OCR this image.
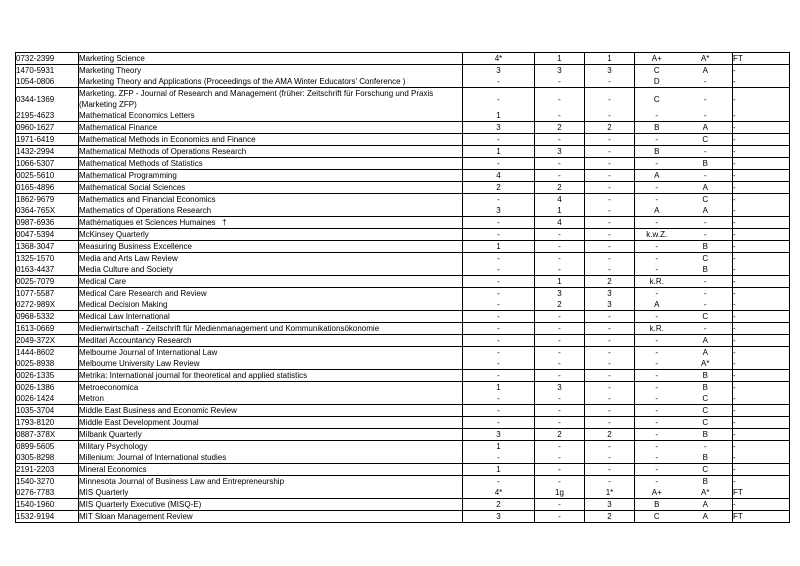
0732-2399	Marketing Science	4*	1	1	A+	A*	FT
1470-5931	Marketing Theory	3	3	3	C	A	-
1054-0806	Marketing Theory and Applications (Proceedings of the AMA Winter Educators' Conference )	-	-	-	D	-	-
0344-1369	Marketing. ZFP - Journal of Research and Management (früher: Zeitschrift für Forschung und Praxis (Marketing ZFP)	-	-	-	C	-	-
2195-4623	Mathematical Economics Letters	1	-	-	-	-	-
0960-1627	Mathematical Finance	3	2	2	B	A	-
1971-6419	Mathematical Methods in Economics and Finance	-	-	-	-	C	-
1432-2994	Mathematical Methods of Operations Research	1	3	-	B	-	-
1066-5307	Mathematical Methods of Statistics	-	-	-	-	B	-
0025-5610	Mathematical Programming	4	-	-	A	-	-
0165-4896	Mathematical Social Sciences	2	2	-	-	A	-
1862-9679	Mathematics and Financial Economics	-	4	-	-	C	-
0364-765X	Mathematics of Operations Research	3	1	-	A	A	-
0987-6936	Mathématiques et Sciences Humaines   †	-	4	-	-	-	-
0047-5394	McKinsey Quarterly	-	-	-	k.w.Z.	-	-
1368-3047	Measuring Business Excellence	1	-	-	-	B	-
1325-1570	Media and Arts Law Review	-	-	-	-	C	-
0163-4437	Media Culture and Society	-	-	-	-	B	-
0025-7079	Medical Care	-	1	2	k.R.	-	-
1077-5587	Medical Care Research and Review	-	3	3	-	-	-
0272-989X	Medical Decision Making	-	2	3	A	-	-
0968-5332	Medical Law International	-	-	-	-	C	-
1613-0669	Medienwirtschaft - Zeitschrift für Medienmanagement und Kommunikationsökonomie	-	-	-	k.R.	-	-
2049-372X	Meditari Accountancy Research	-	-	-	-	A	-
1444-8602	Melbourne Journal of International Law	-	-	-	-	A	-
0025-8938	Melbourne University Law Review	-	-	-	-	A*	-
0026-1335	Metrika: International journal for theoretical and applied statistics	-	-	-	-	B	-
0026-1386	Metroeconomica	1	3	-	-	B	-
0026-1424	Metron	-	-	-	-	C	-
1035-3704	Middle East Business and Economic Review	-	-	-	-	C	-
1793-8120	Middle East Development Journal	-	-	-	-	C	-
0887-378X	Milbank Quarterly	3	2	2	-	B	-
0899-5605	Military Psychology	1	-	-	-	-	-
0305-8298	Millenium: Journal of International studies	-	-	-	-	B	-
2191-2203	Mineral Economics	1	-	-	-	C	-
1540-3270	Minnesota Journal of Business Law and Entrepreneurship	-	-	-	-	B	-
0276-7783	MIS Quarterly	4*	1g	1*	A+	A*	FT
1540-1960	MIS Quarterly Executive (MISQ-E)	2	-	3	B	A	-
1532-9194	MIT Sloan Management Review	3	-	2	C	A	FT
